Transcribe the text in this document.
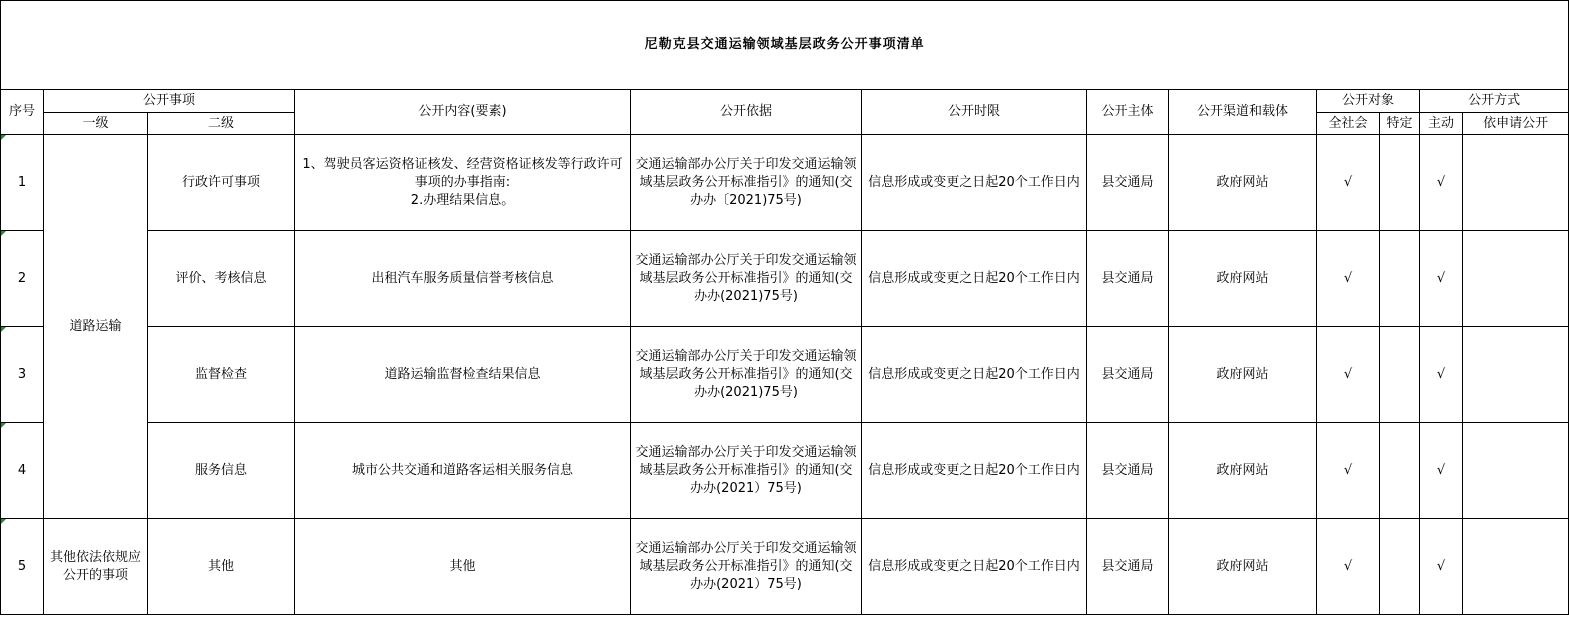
尼勒克县交通运输领域基层政务公开事项清单											
序号	公开事项		公开内容(要素)	公开依据	公开时限	公开主体	公开渠道和载体	公开对象		公开方式	
	一级	二级						全社会	特定	主动	依申请公开
1	道路运输	行政许可事项	1、驾驶员客运资格证核发、经营资格证核发等行政许可事项的办事指南:
2.办理结果信息。	交通运输部办公厅关于印发交通运输领域基层政务公开标准指引》的通知(交办办〔2021)75号)	信息形成或变更之日起20个工作日内	县交通局	政府网站	√		√	
2		评价、考核信息	出租汽车服务质量信誉考核信息	交通运输部办公厅关于印发交通运输领域基层政务公开标准指引》的通知(交办办(2021)75号)	信息形成或变更之日起20个工作日内	县交通局	政府网站	√		√	
3		监督检查	道路运输监督检查结果信息	交通运输部办公厅关于印发交通运输领域基层政务公开标准指引》的通知(交办办(2021)75号)	信息形成或变更之日起20个工作日内	县交通局	政府网站	√		√	
4		服务信息	城市公共交通和道路客运相关服务信息	交通运输部办公厅关于印发交通运输领域基层政务公开标准指引》的通知(交办办(2021）75号)	信息形成或变更之日起20个工作日内	县交通局	政府网站	√		√	
5	其他依法依规应公开的事项	其他	其他	交通运输部办公厅关于印发交通运输领域基层政务公开标准指引》的通知(交办办(2021）75号)	信息形成或变更之日起20个工作日内	县交通局	政府网站	√		√	
